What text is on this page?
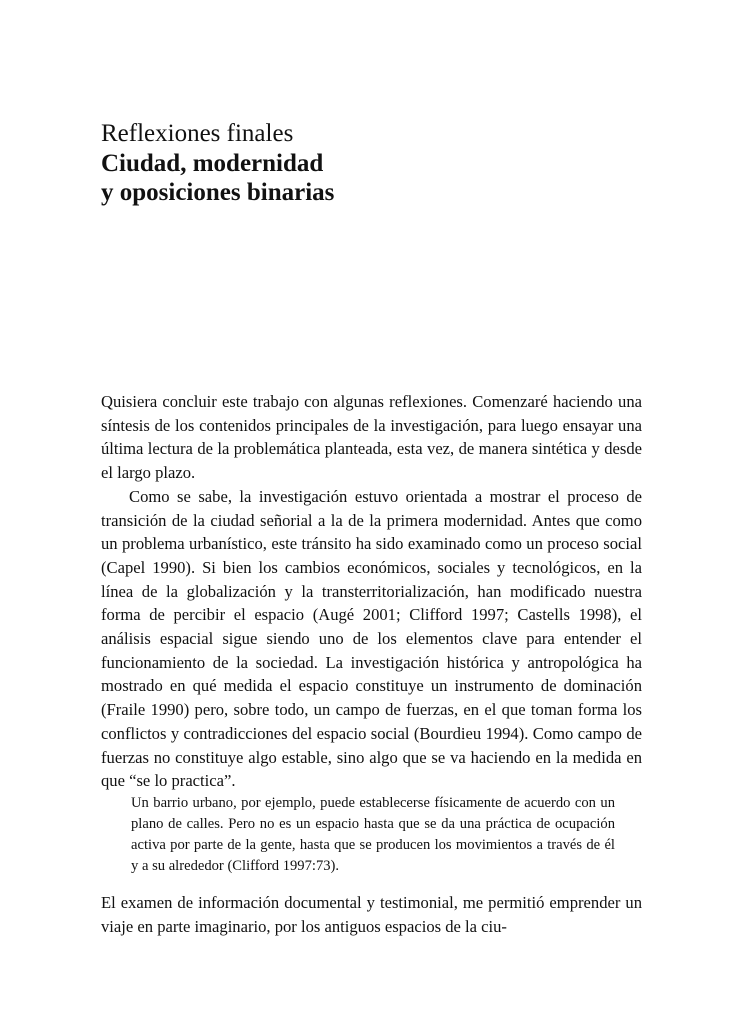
Reflexiones finales

Ciudad, modernidad

y oposiciones binarias

Quisiera concluir este trabajo con algunas reflexiones. Comenzaré haciendo una síntesis de los contenidos principales de la investigación, para luego ensayar una última lectura de la problemática planteada, esta vez, de manera sintética y desde el largo plazo.

Como se sabe, la investigación estuvo orientada a mostrar el proceso de transición de la ciudad señorial a la de la primera modernidad. Antes que como un problema urbanístico, este tránsito ha sido examinado como un proceso social (Capel 1990). Si bien los cambios económicos, sociales y tecnológicos, en la línea de la globalización y la transterritorialización, han modificado nuestra forma de percibir el espacio (Augé 2001; Clifford 1997; Castells 1998), el análisis espacial sigue siendo uno de los elementos clave para entender el funcionamiento de la sociedad. La investigación histórica y antropológica ha mostrado en qué medida el espacio constituye un instrumento de dominación (Fraile 1990) pero, sobre todo, un campo de fuerzas, en el que toman forma los conflictos y contradicciones del espacio social (Bourdieu 1994). Como campo de fuerzas no constituye algo estable, sino algo que se va haciendo en la medida en que “se lo practica”.

Un barrio urbano, por ejemplo, puede establecerse físicamente de acuerdo con un plano de calles. Pero no es un espacio hasta que se da una práctica de ocupación activa por parte de la gente, hasta que se producen los movimientos a través de él y a su alrededor (Clifford 1997:73).

El examen de información documental y testimonial, me permitió emprender un viaje en parte imaginario, por los antiguos espacios de la ciu-
